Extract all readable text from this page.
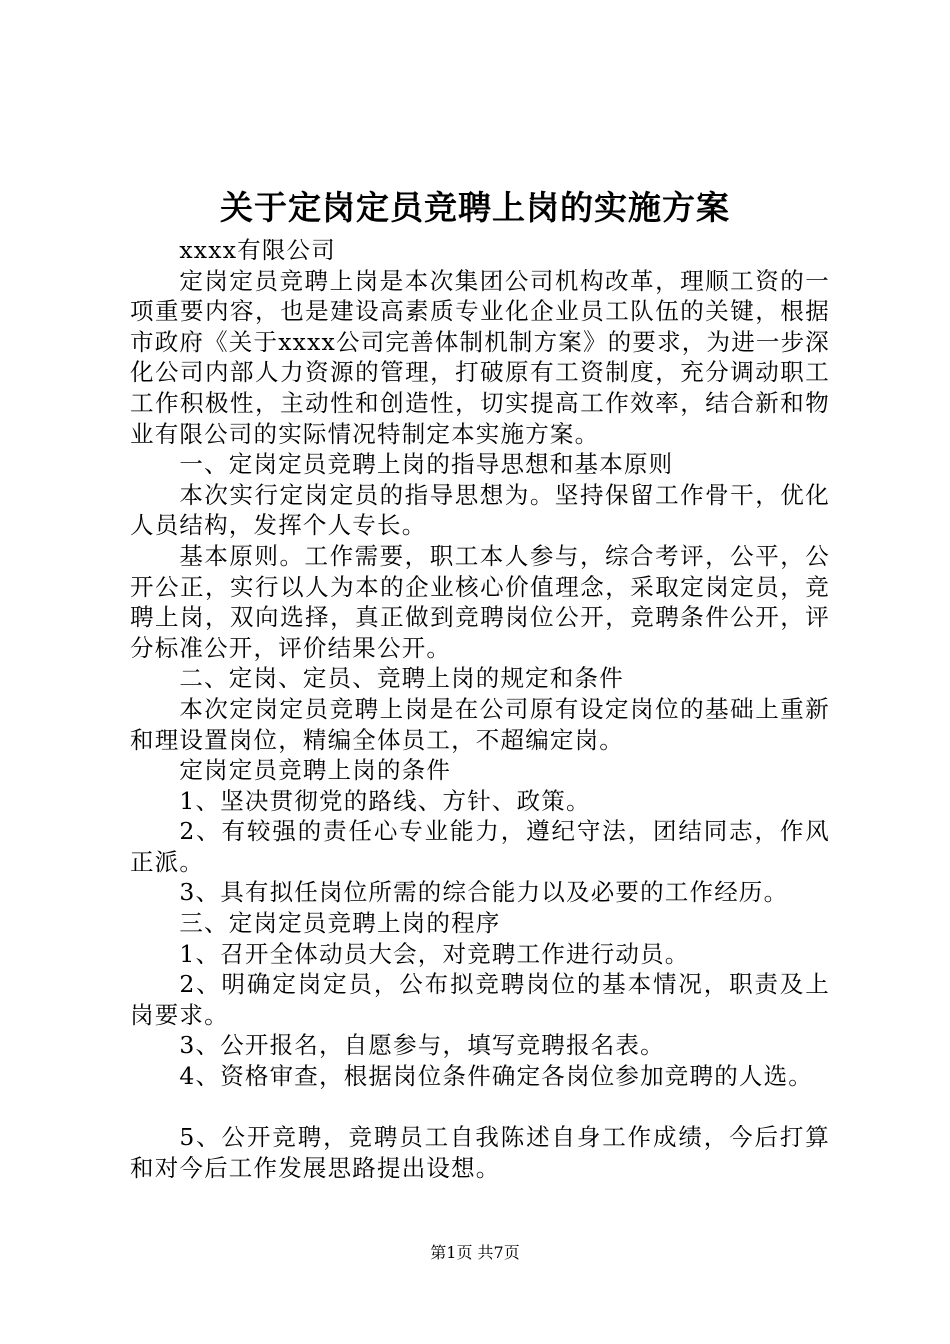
关于定岗定员竞聘上岗的实施方案

xxxx有限公司

定岗定员竞聘上岗是本次集团公司机构改革，理顺工资的一项重要内容，也是建设高素质专业化企业员工队伍的关键，根据市政府《关于xxxx公司完善体制机制方案》的要求，为进一步深化公司内部人力资源的管理，打破原有工资制度，充分调动职工工作积极性，主动性和创造性，切实提高工作效率，结合新和物业有限公司的实际情况特制定本实施方案。

一、定岗定员竞聘上岗的指导思想和基本原则

本次实行定岗定员的指导思想为。坚持保留工作骨干，优化人员结构，发挥个人专长。

基本原则。工作需要，职工本人参与，综合考评，公平，公开公正，实行以人为本的企业核心价值理念，采取定岗定员，竞聘上岗，双向选择，真正做到竞聘岗位公开，竞聘条件公开，评分标准公开，评价结果公开。

二、定岗、定员、竞聘上岗的规定和条件

本次定岗定员竞聘上岗是在公司原有设定岗位的基础上重新和理设置岗位，精编全体员工，不超编定岗。

定岗定员竞聘上岗的条件

1、坚决贯彻党的路线、方针、政策。

2、有较强的责任心专业能力，遵纪守法，团结同志，作风正派。

3、具有拟任岗位所需的综合能力以及必要的工作经历。

三、定岗定员竞聘上岗的程序

1、召开全体动员大会，对竞聘工作进行动员。

2、明确定岗定员，公布拟竞聘岗位的基本情况，职责及上岗要求。

3、公开报名，自愿参与，填写竞聘报名表。

4、资格审查，根据岗位条件确定各岗位参加竞聘的人选。

5、公开竞聘，竞聘员工自我陈述自身工作成绩，今后打算和对今后工作发展思路提出设想。

第1页 共7页
